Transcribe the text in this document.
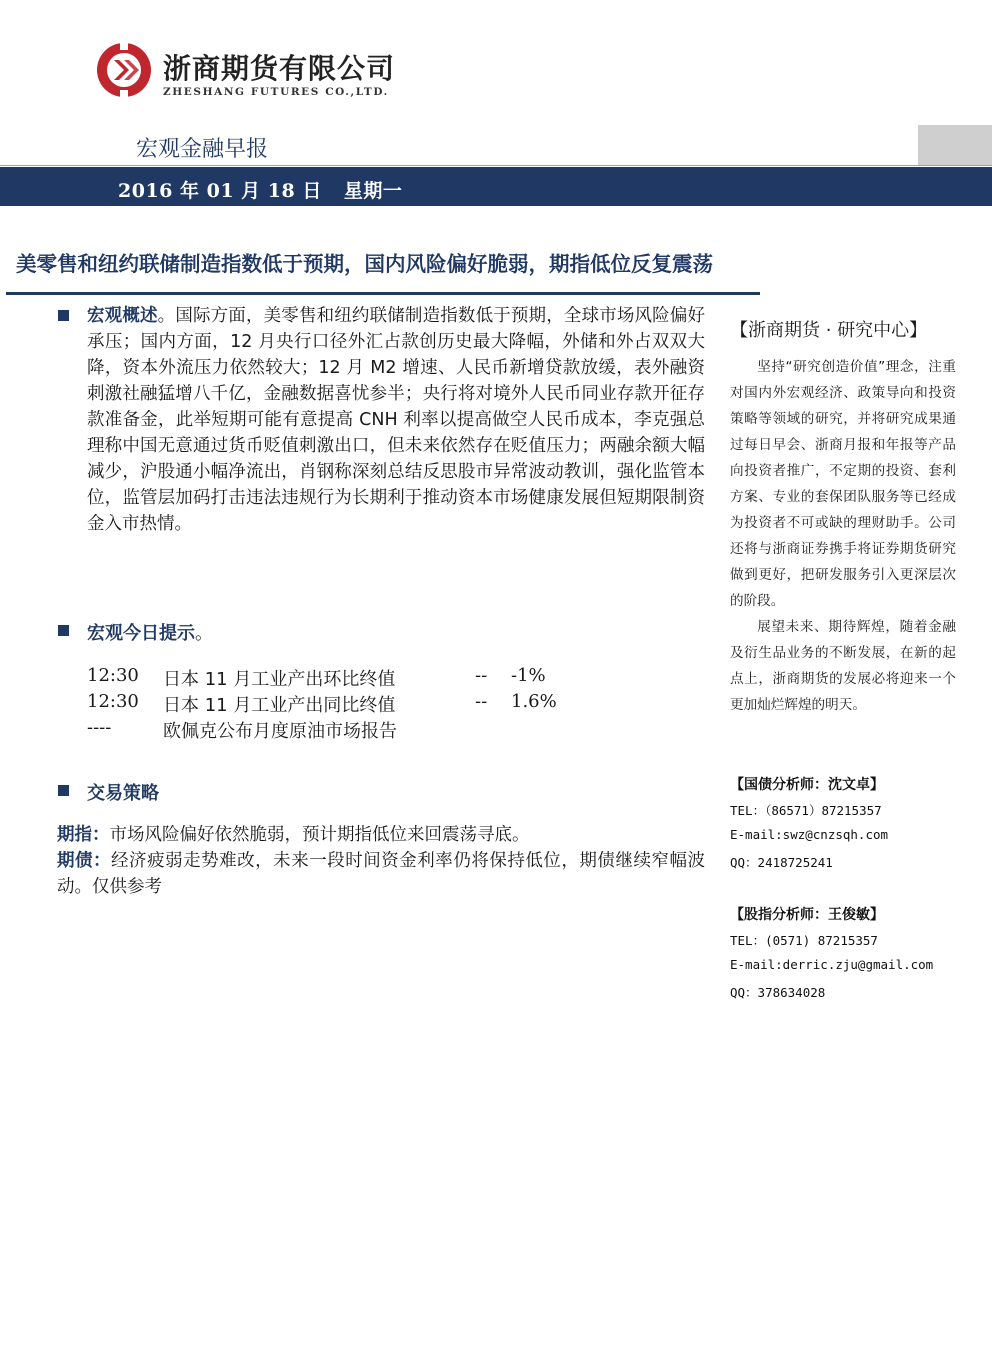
浙商期货有限公司
ZHESHANG FUTURES CO.,LTD.
宏观金融早报
2016 年 01 月 18 日 星期一
美零售和纽约联储制造指数低于预期，国内风险偏好脆弱，期指低位反复震荡
宏观概述。国际方面，美零售和纽约联储制造指数低于预期，全球市场风险偏好承压；国内方面，12 月央行口径外汇占款创历史最大降幅，外储和外占双双大降，资本外流压力依然较大；12 月 M2 增速、人民币新增贷款放缓，表外融资刺激社融猛增八千亿，金融数据喜忧参半；央行将对境外人民币同业存款开征存款准备金，此举短期可能有意提高 CNH 利率以提高做空人民币成本，李克强总理称中国无意通过货币贬值刺激出口，但未来依然存在贬值压力；两融余额大幅减少，沪股通小幅净流出，肖钢称深刻总结反思股市异常波动教训，强化监管本位，监管层加码打击违法违规行为长期利于推动资本市场健康发展但短期限制资金入市热情。
宏观今日提示。
12:30 日本 11 月工业产出环比终值	-- -1%
12:30 日本 11 月工业产出同比终值	-- 1.6%
----	欧佩克公布月度原油市场报告
交易策略
期指：市场风险偏好依然脆弱，预计期指低位来回震荡寻底。
期债：经济疲弱走势难改，未来一段时间资金利率仍将保持低位，期债继续窄幅波动。仅供参考
【浙商期货 · 研究中心】
坚持“研究创造价值”理念，注重对国内外宏观经济、政策导向和投资策略等领域的研究，并将研究成果通过每日早会、浙商月报和年报等产品向投资者推广，不定期的投资、套利方案、专业的套保团队服务等已经成为投资者不可或缺的理财助手。公司还将与浙商证券携手将证券期货研究做到更好，把研发服务引入更深层次的阶段。
展望未来、期待辉煌，随着金融及衍生品业务的不断发展，在新的起点上，浙商期货的发展必将迎来一个更加灿烂辉煌的明天。
【国债分析师：沈文卓】
TEL：（86571）87215357
E-mail:swz@cnzsqh.com
QQ：2418725241
【股指分析师：王俊敏】
TEL：(0571) 87215357
E-mail:derric.zju@gmail.com
QQ：378634028
